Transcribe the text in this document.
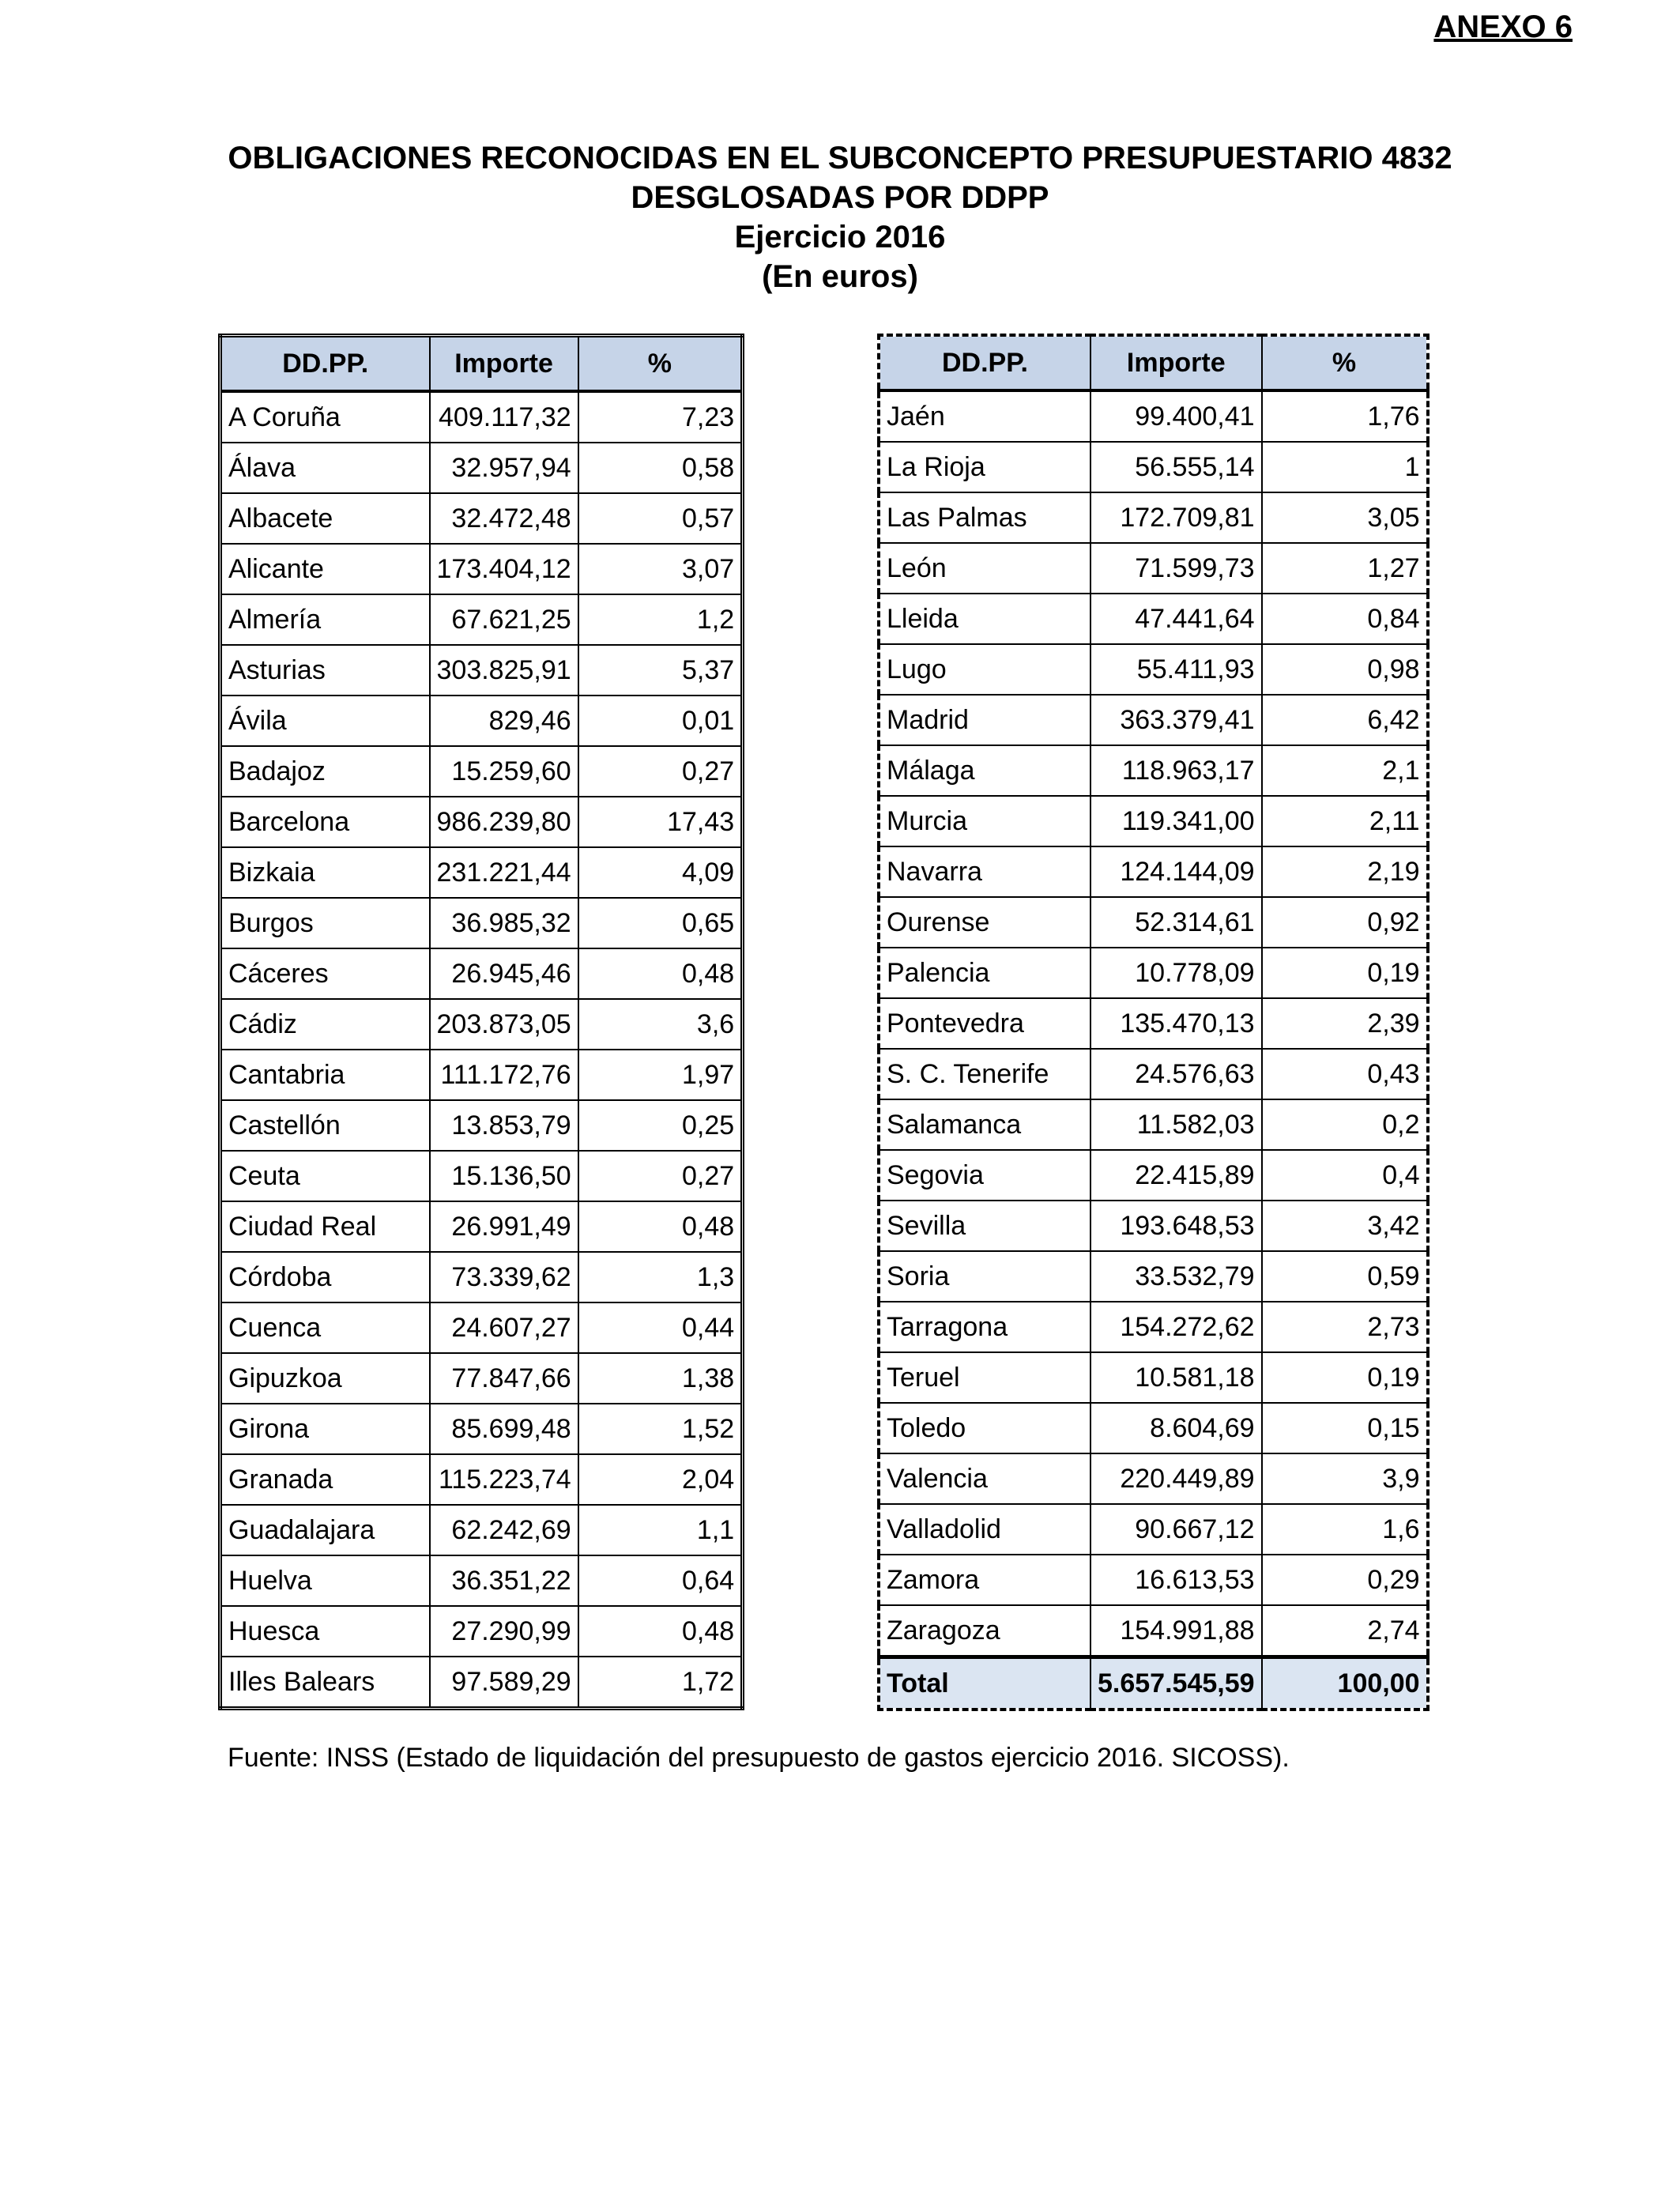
ANEXO 6
OBLIGACIONES RECONOCIDAS EN EL SUBCONCEPTO PRESUPUESTARIO 4832
DESGLOSADAS POR DDPP
Ejercicio 2016
(En euros)
DD.PP.	Importe	%
A Coruña	409.117,32	7,23
Álava	32.957,94	0,58
Albacete	32.472,48	0,57
Alicante	173.404,12	3,07
Almería	67.621,25	1,2
Asturias	303.825,91	5,37
Ávila	829,46	0,01
Badajoz	15.259,60	0,27
Barcelona	986.239,80	17,43
Bizkaia	231.221,44	4,09
Burgos	36.985,32	0,65
Cáceres	26.945,46	0,48
Cádiz	203.873,05	3,6
Cantabria	111.172,76	1,97
Castellón	13.853,79	0,25
Ceuta	15.136,50	0,27
Ciudad Real	26.991,49	0,48
Córdoba	73.339,62	1,3
Cuenca	24.607,27	0,44
Gipuzkoa	77.847,66	1,38
Girona	85.699,48	1,52
Granada	115.223,74	2,04
Guadalajara	62.242,69	1,1
Huelva	36.351,22	0,64
Huesca	27.290,99	0,48
Illes Balears	97.589,29	1,72
DD.PP.	Importe	%
Jaén	99.400,41	1,76
La Rioja	56.555,14	1
Las Palmas	172.709,81	3,05
León	71.599,73	1,27
Lleida	47.441,64	0,84
Lugo	55.411,93	0,98
Madrid	363.379,41	6,42
Málaga	118.963,17	2,1
Murcia	119.341,00	2,11
Navarra	124.144,09	2,19
Ourense	52.314,61	0,92
Palencia	10.778,09	0,19
Pontevedra	135.470,13	2,39
S. C. Tenerife	24.576,63	0,43
Salamanca	11.582,03	0,2
Segovia	22.415,89	0,4
Sevilla	193.648,53	3,42
Soria	33.532,79	0,59
Tarragona	154.272,62	2,73
Teruel	10.581,18	0,19
Toledo	8.604,69	0,15
Valencia	220.449,89	3,9
Valladolid	90.667,12	1,6
Zamora	16.613,53	0,29
Zaragoza	154.991,88	2,74
Total	5.657.545,59	100,00
Fuente: INSS (Estado de liquidación del presupuesto de gastos ejercicio 2016. SICOSS).
